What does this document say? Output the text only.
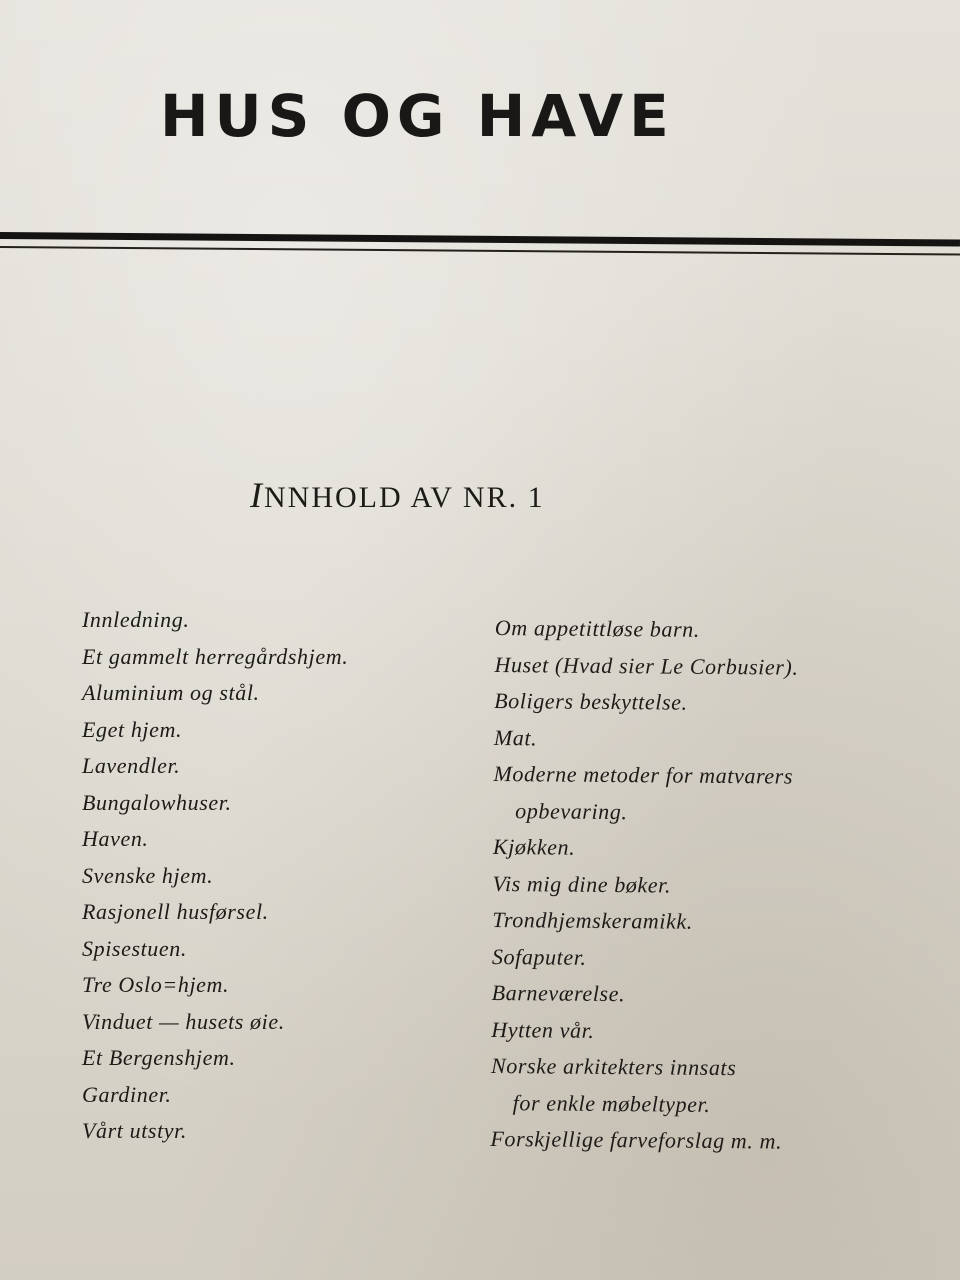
HUS OG HAVE
INNHOLD AV NR. 1
Innledning.
Et gammelt herregårdshjem.
Aluminium og stål.
Eget hjem.
Lavendler.
Bungalowhuser.
Haven.
Svenske hjem.
Rasjonell husførsel.
Spisestuen.
Tre Oslo=hjem.
Vinduet — husets øie.
Et Bergenshjem.
Gardiner.
Vårt utstyr.
Om appetittløse barn.
Huset (Hvad sier Le Corbusier).
Boligers beskyttelse.
Mat.
Moderne metoder for matvarers
opbevaring.
Kjøkken.
Vis mig dine bøker.
Trondhjemskeramikk.
Sofaputer.
Barneværelse.
Hytten vår.
Norske arkitekters innsats
for enkle møbeltyper.
Forskjellige farveforslag m. m.
